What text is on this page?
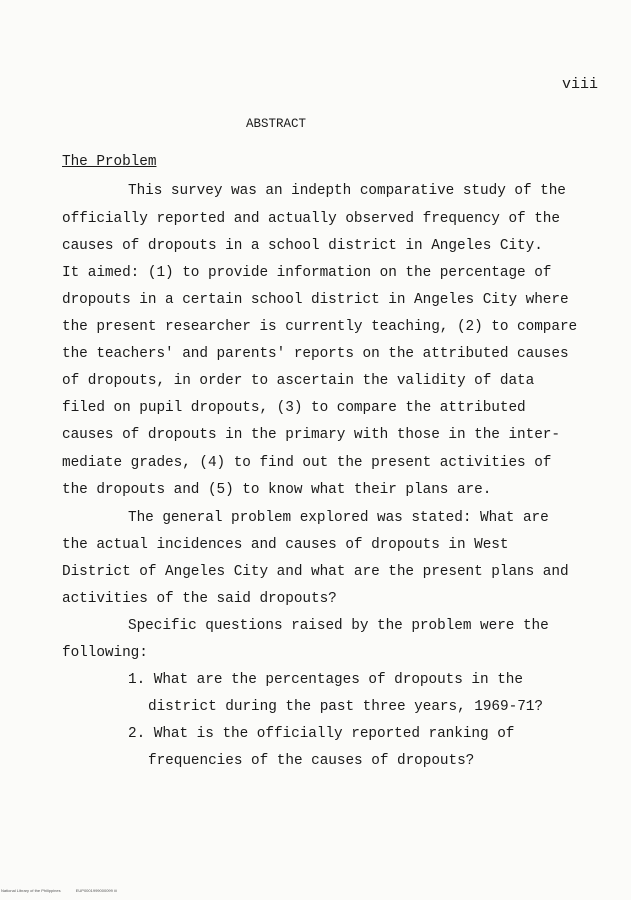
viii
ABSTRACT
The Problem
This survey was an indepth comparative study of the
officially reported and actually observed frequency of the
causes of dropouts in a school district in Angeles City.
It aimed: (1) to provide information on the percentage of
dropouts in a certain school district in Angeles City where
the present researcher is currently teaching, (2) to compare
the teachers' and parents' reports on the attributed causes
of dropouts, in order to ascertain the validity of data
filed on pupil dropouts, (3) to compare the attributed
causes of dropouts in the primary with those in the inter-
mediate grades, (4) to find out the present activities of
the dropouts and (5) to know what their plans are.
The general problem explored was stated: What are
the actual incidences and causes of dropouts in West
District of Angeles City and what are the present plans and
activities of the said dropouts?
Specific questions raised by the problem were the
following:
1. What are the percentages of dropouts in the
district during the past three years, 1969-71?
2. What is the officially reported ranking of
frequencies of the causes of dropouts?
National Library of the Philippines	EUP0001999000099 iii
